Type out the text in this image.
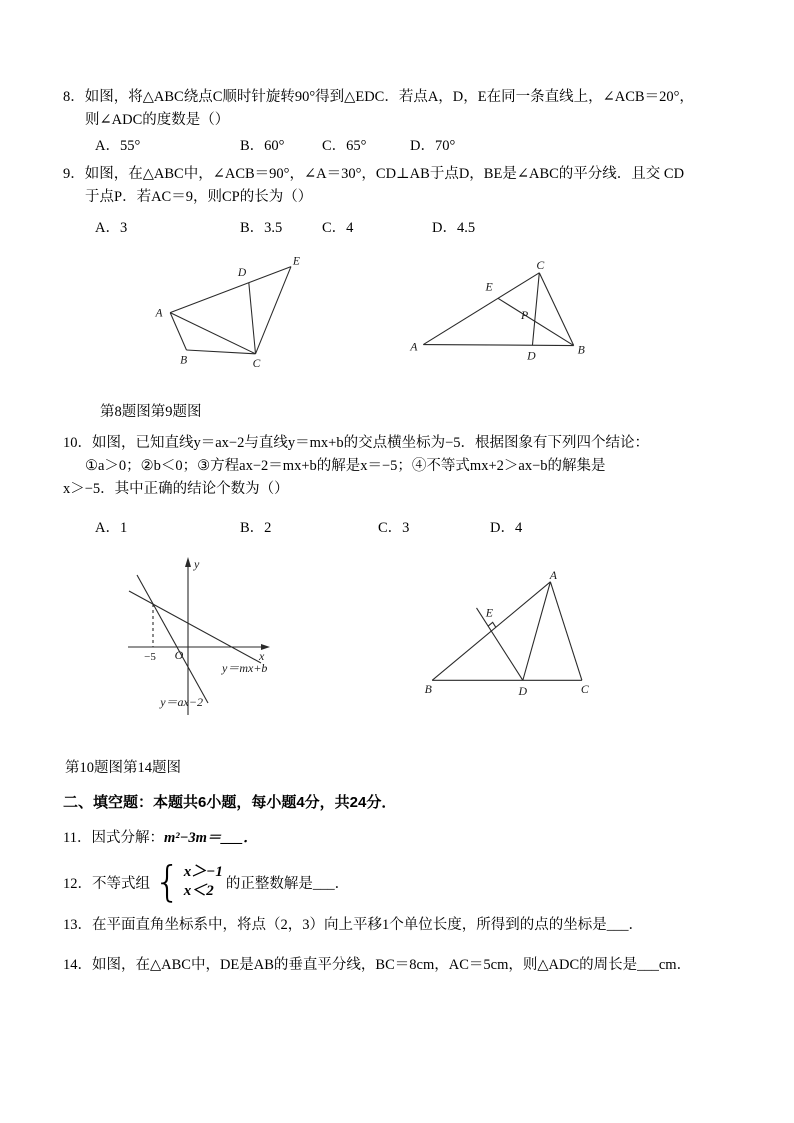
8．如图，将△ABC绕点C顺时针旋转90°得到△EDC．若点A，D，E在同一条直线上，∠ACB＝20°，
则∠ADC的度数是（）
A．55°	B．60°	C．65°	D．70°
9．如图，在△ABC中，∠ACB＝90°，∠A＝30°，CD⊥AB于点D，BE是∠ABC的平分线．且交 CD
于点P．若AC＝9，则CP的长为（）
A．3	B．3.5	C．4	D．4.5
A
B	C
D
E
A	B
C
D
E
P
第8题图第9题图
10．如图，已知直线y＝ax−2与直线y＝mx+b的交点横坐标为−5．根据图象有下列四个结论：
①a＞0；②b＜0；③方程ax−2＝mx+b的解是x＝−5；④不等式mx+2＞ax−b的解集是
x＞−5．其中正确的结论个数为（）
A．1	B．2	C．3	D．4
y
x
O
−5
y＝mx+b
y＝ax−2
A
B	C
D
E
第10题图第14题图
二、填空题：本题共6小题，每小题4分，共24分．
11．因式分解：m²−3m＝___．
12．不等式组 { x＞−1
x＜2 的正整数解是___．
13．在平面直角坐标系中，将点（2，3）向上平移1个单位长度，所得到的点的坐标是___．
14．如图，在△ABC中，DE是AB的垂直平分线，BC＝8cm，AC＝5cm，则△ADC的周长是___cm．
